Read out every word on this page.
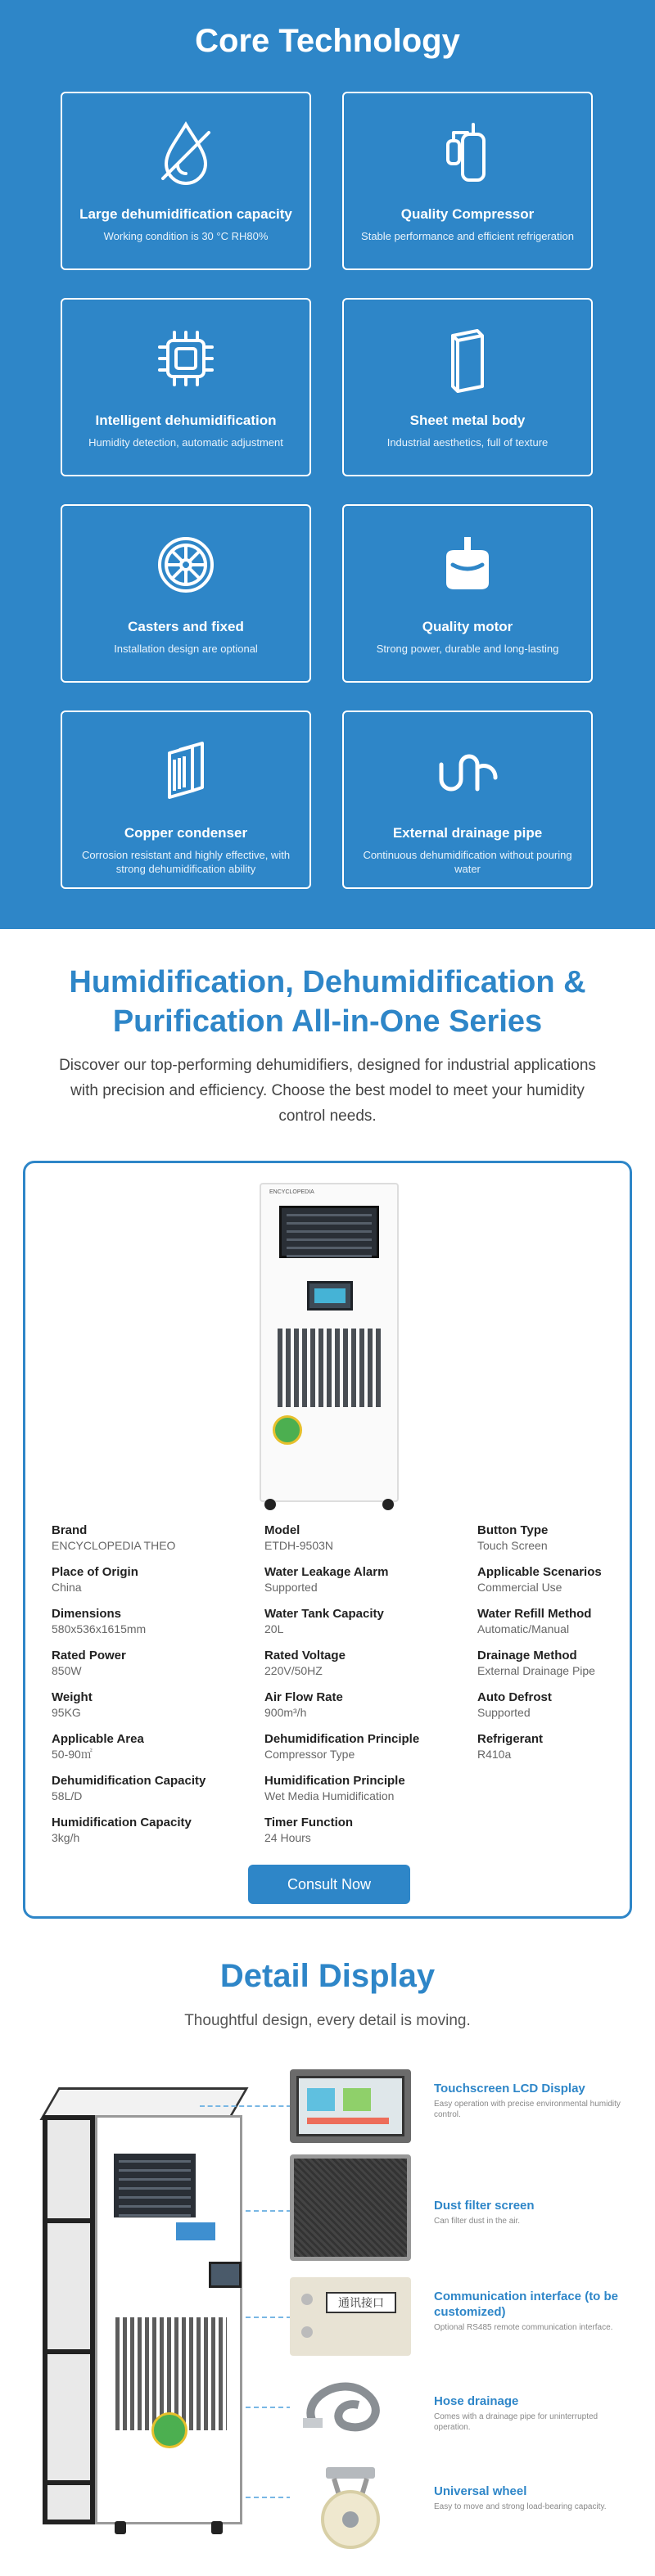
Core Technology
Large dehumidification capacity
Working condition is 30 °C RH80%
Quality Compressor
Stable performance and efficient refrigeration
Intelligent dehumidification
Humidity detection, automatic adjustment
Sheet metal body
Industrial aesthetics, full of texture
Casters and fixed
Installation design are optional
Quality motor
Strong power, durable and long-lasting
Copper condenser
Corrosion resistant and highly effective, with strong dehumidification ability
External drainage pipe
Continuous dehumidification without pouring water
Humidification, Dehumidification &
Purification All-in-One Series

Discover our top-performing dehumidifiers, designed for industrial applications with precision and efficiency. Choose the best model to meet your humidity control needs.

ENCYCLOPEDIA
Brand
ENCYCLOPEDIA THEO
Place of Origin
China
Dimensions
580x536x1615mm
Rated Power
850W
Weight
95KG
Applicable Area
50-90㎡
Dehumidification Capacity
58L/D
Humidification Capacity
3kg/h
Model
ETDH-9503N
Water Leakage Alarm
Supported
Water Tank Capacity
20L
Rated Voltage
220V/50HZ
Air Flow Rate
900m³/h
Dehumidification Principle
Compressor Type
Humidification Principle
Wet Media Humidification
Timer Function
24 Hours
Button Type
Touch Screen
Applicable Scenarios
Commercial Use
Water Refill Method
Automatic/Manual
Drainage Method
External Drainage Pipe
Auto Defrost
Supported
Refrigerant
R410a
Consult Now
Detail Display

Thoughtful design, every detail is moving.

Touchscreen LCD Display
Easy operation with precise environmental humidity control.
Dust filter screen
Can filter dust in the air.
通讯接口	Communication interface (to be customized)
Optional RS485 remote communication interface.
Hose drainage
Comes with a drainage pipe for uninterrupted operation.
Universal wheel
Easy to move and strong load-bearing capacity.
